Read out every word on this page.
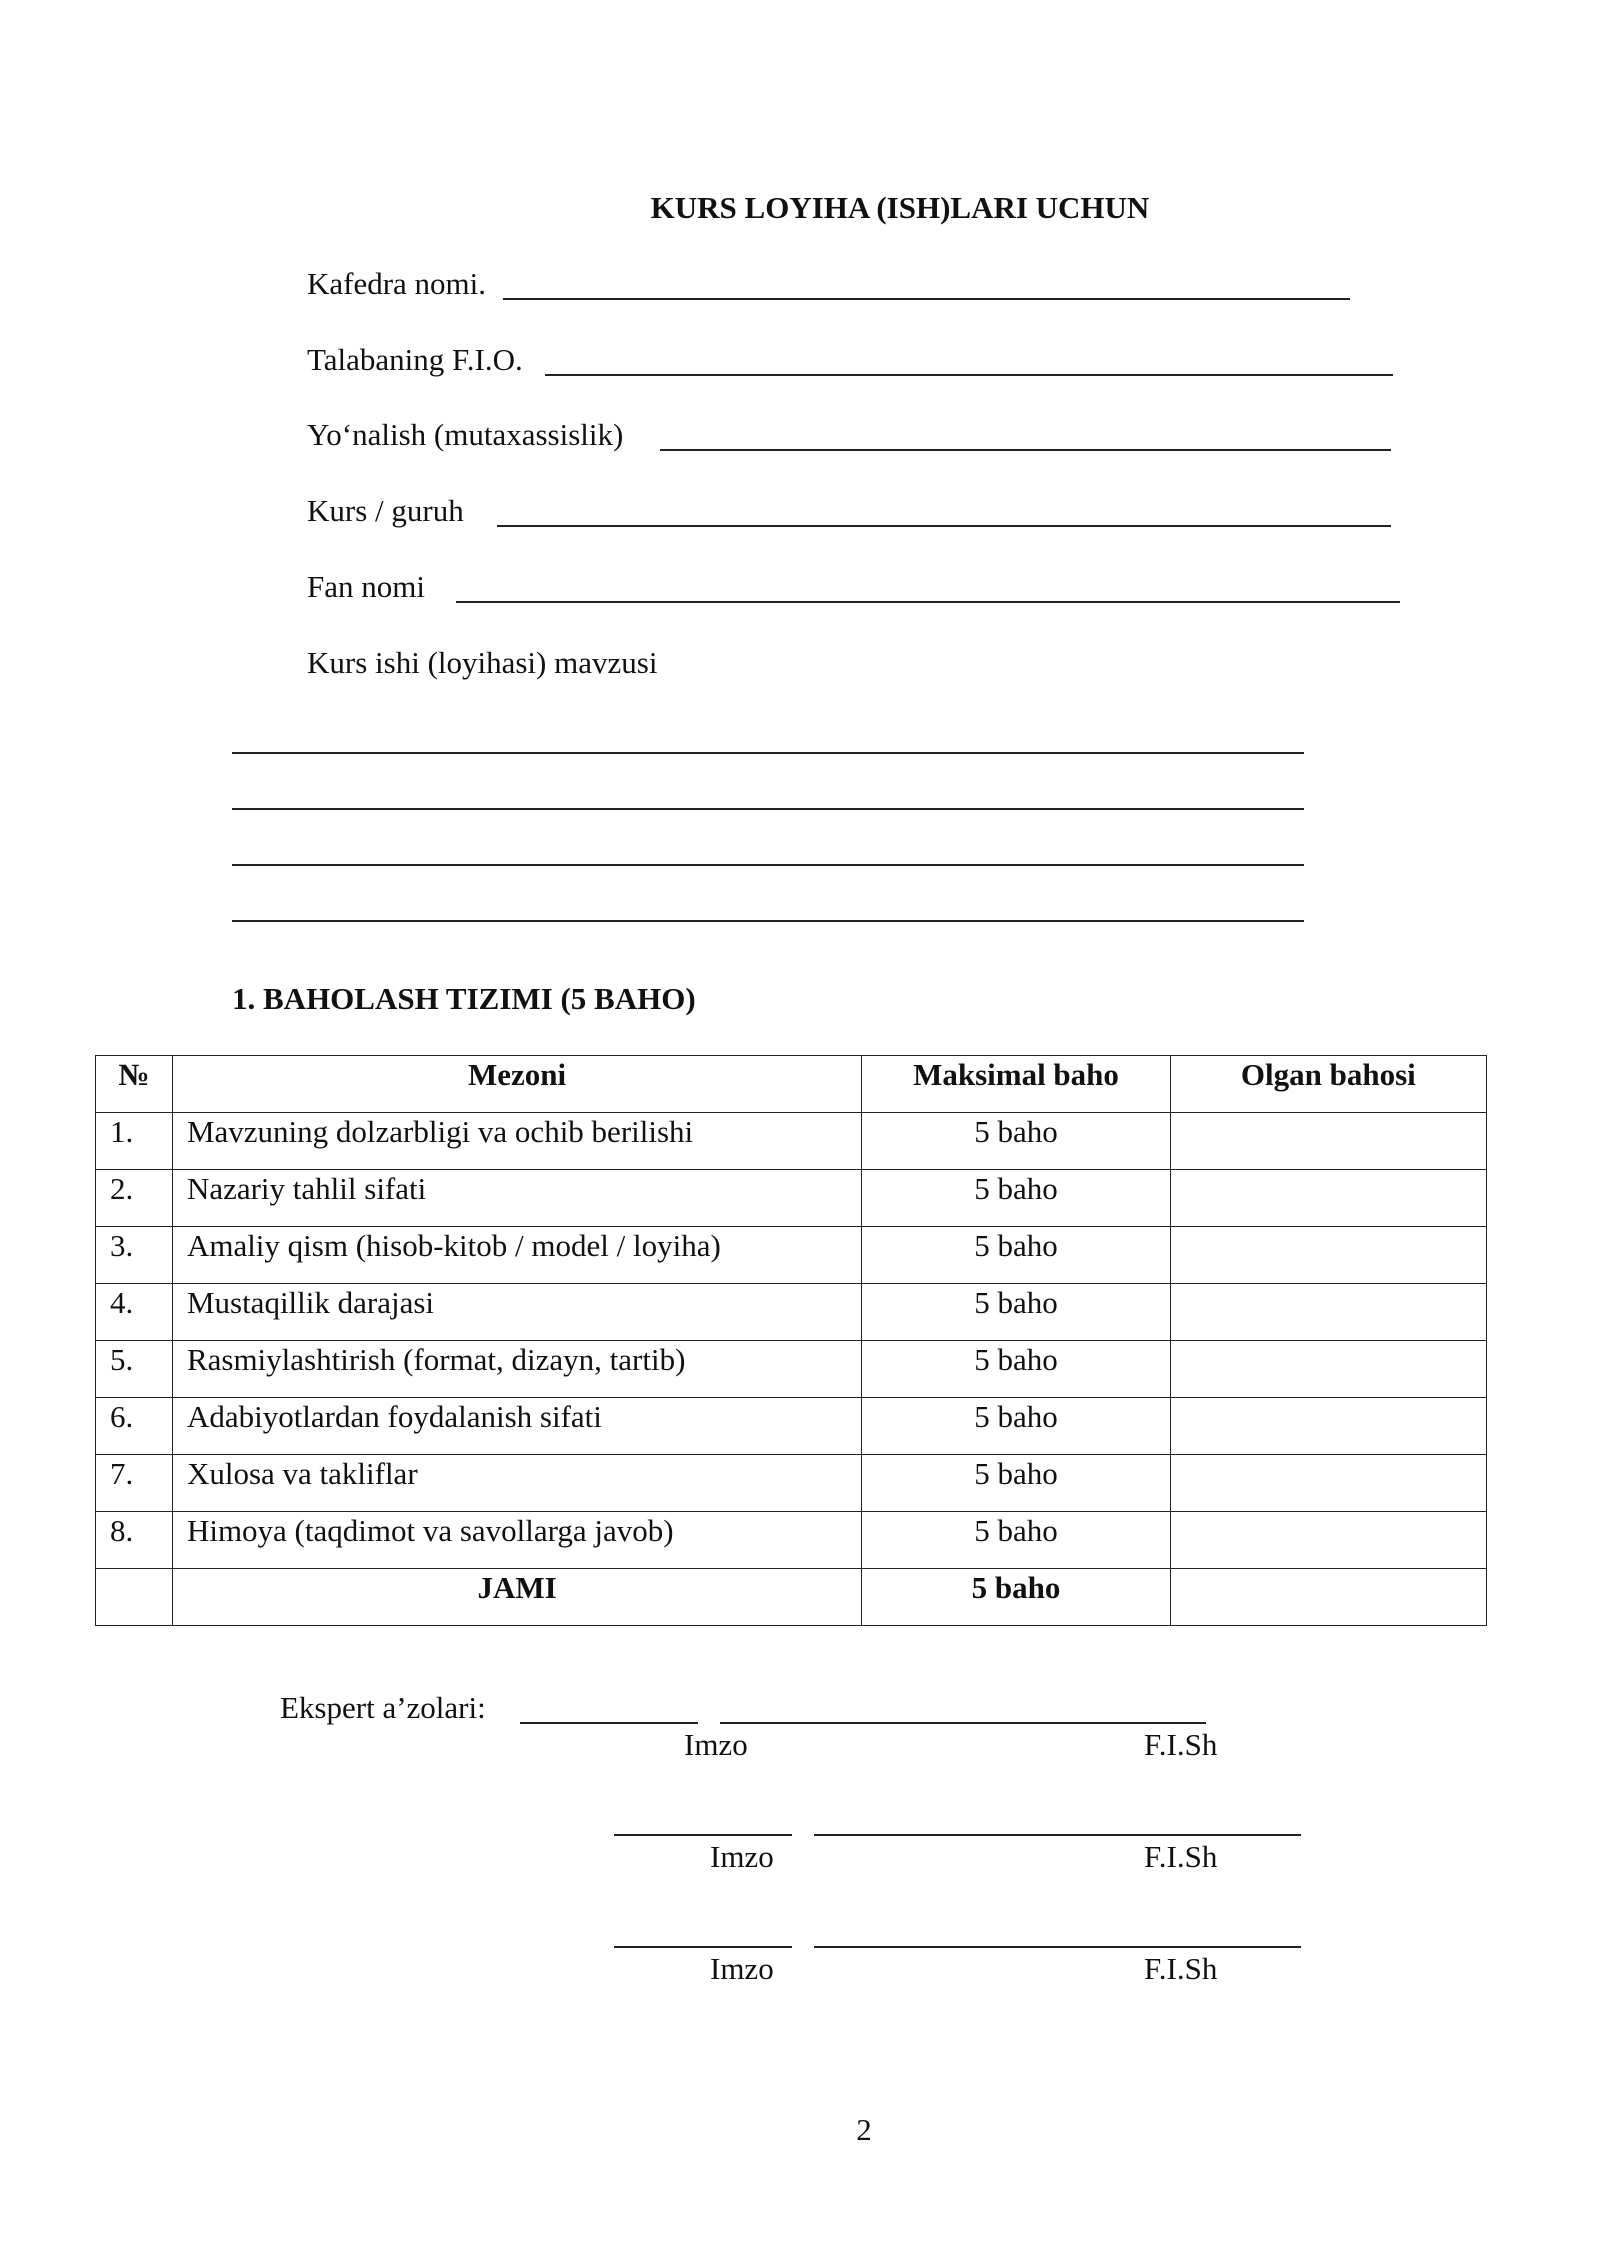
KURS LOYIHA (ISH)LARI UCHUN
Kafedra nomi.
Talabaning F.I.O.
Yo‘nalish (mutaxassislik)
Kurs / guruh
Fan nomi
Kurs ishi (loyihasi) mavzusi
1. BAHOLASH TIZIMI (5 BAHO)
№	Mezoni	Maksimal baho	Olgan bahosi
1.	Mavzuning dolzarbligi va ochib berilishi	5 baho	
2.	Nazariy tahlil sifati	5 baho	
3.	Amaliy qism (hisob-kitob / model / loyiha)	5 baho	
4.	Mustaqillik darajasi	5 baho	
5.	Rasmiylashtirish (format, dizayn, tartib)	5 baho	
6.	Adabiyotlardan foydalanish sifati	5 baho	
7.	Xulosa va takliflar	5 baho	
8.	Himoya (taqdimot va savollarga javob)	5 baho	
	JAMI	5 baho	
Ekspert a’zolari:
Imzo	F.I.Sh
Imzo	F.I.Sh
Imzo	F.I.Sh
2
